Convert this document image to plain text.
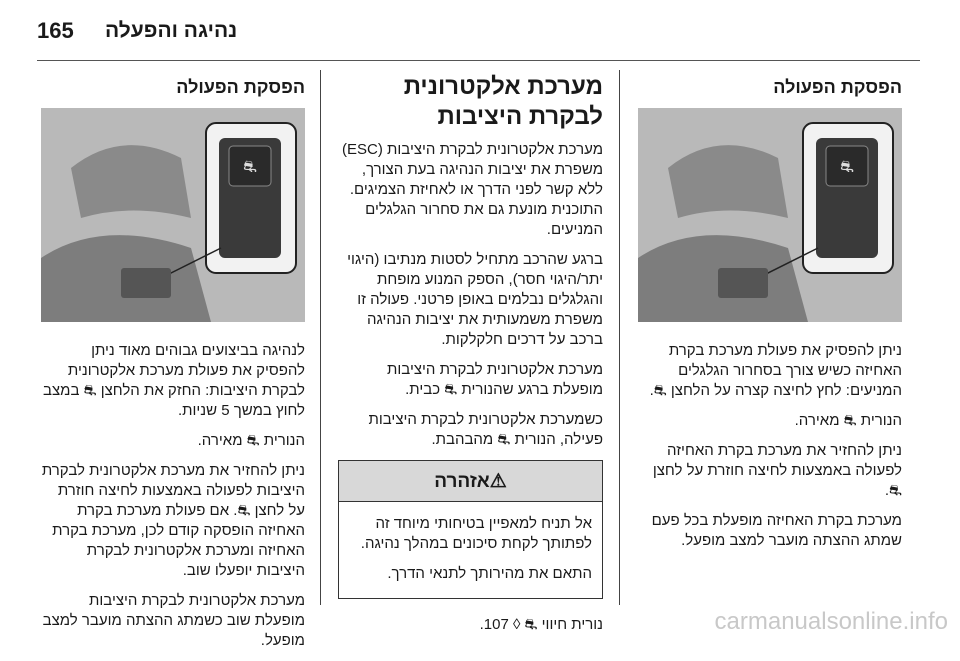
165 נהיגה והפעלה
הפסקת הפעולה
⛐

ניתן להפסיק את פעולת מערכת בקרת האחיזה כשיש צורך בסחרור הגלגלים המניעים: לחץ לחיצה קצרה על הלחצן ⛐.

הנורית ⛐ מאירה.

ניתן להחזיר את מערכת בקרת האחיזה לפעולה באמצעות לחיצה חוזרת על לחצן ⛐.

מערכת בקרת האחיזה מופעלת בכל פעם שמתג ההצתה מועבר למצב מופעל.

מערכת אלקטרונית לבקרת היציבות

מערכת אלקטרונית לבקרת היציבות (ESC) משפרת את יציבות הנהיגה בעת הצורך, ללא קשר לפני הדרך או לאחיזת הצמיגים. התוכנית מונעת גם את סחרור הגלגלים המניעים.

ברגע שהרכב מתחיל לסטות מנתיבו (היגוי יתר/היגוי חסר), הספק המנוע מופחת והגלגלים נבלמים באופן פרטני. פעולה זו משפרת משמעותית את יציבות הנהיגה ברכב על דרכים חלקלקות.

מערכת אלקטרונית לבקרת היציבות מופעלת ברגע שהנורית ⛐ כבית.

כשמערכת אלקטרונית לבקרת היציבות פעילה, הנורית ⛐ מהבהבת.

⚠אזהרה

אל תניח למאפיין בטיחותי מיוחד זה לפתותך לקחת סיכונים במהלך נהיגה.

התאם את מהירותך לתנאי הדרך.

נורית חיווי ⛐ ◊ 107.

הפסקת הפעולה
⛐

לנהיגה בביצועים גבוהים מאוד ניתן להפסיק את פעולת מערכת אלקטרונית לבקרת היציבות: החזק את הלחצן ⛐ במצב לחוץ במשך 5 שניות.

הנורית ⛐ מאירה.

ניתן להחזיר את מערכת אלקטרונית לבקרת היציבות לפעולה באמצעות לחיצה חוזרת על לחצן ⛐. אם פעולת מערכת בקרת האחיזה הופסקה קודם לכן, מערכת בקרת האחיזה ומערכת אלקטרונית לבקרת היציבות יופעלו שוב.

מערכת אלקטרונית לבקרת היציבות מופעלת שוב כשמתג ההצתה מועבר למצב מופעל.

carmanualsonline.info
